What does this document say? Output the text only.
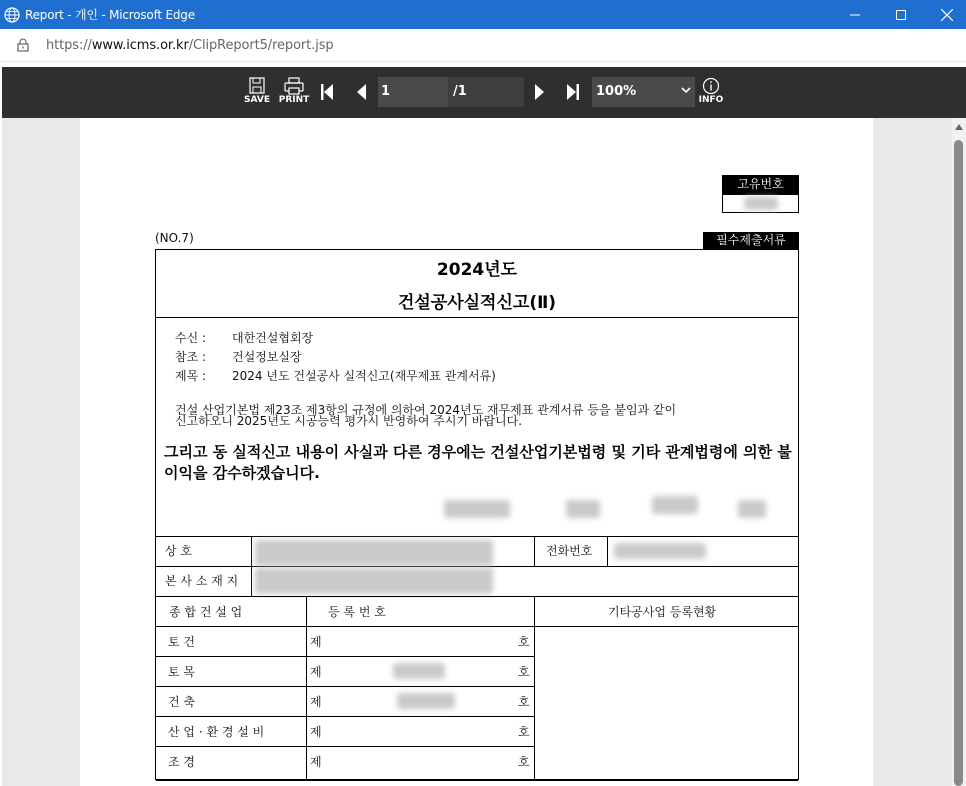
Report - 개인 - Microsoft Edge
https://www.icms.or.kr/ClipReport5/report.jsp
SAVE PRINT
1	/1	100%
INFO
고유번호
(NO.7)	필수제출서류
2024년도
건설공사실적신고(Ⅱ)
수신 : 대한건설협회장
참조 : 건설정보실장
제목 : 2024 년도 건설공사 실적신고(재무제표 관계서류)
건설 산업기본법 제23조 제3항의 규정에 의하여 2024년도 재무제표 관계서류 등을 붙임과 같이
신고하오니 2025년도 시공능력 평가시 반영하여 주시기 바랍니다.
그리고 동 실적신고 내용이 사실과 다른 경우에는 건설산업기본법령 및 기타 관계법령에 의한 불이익을 감수하겠습니다.
상 호	전화번호
본 사 소 재 지
종 합 건 설 업	등 록 번 호	기타공사업 등록현황
토 건	제	호
토 목	제	호
건 축	제	호
산 업 · 환 경 설 비	제	호
조 경	제	호
